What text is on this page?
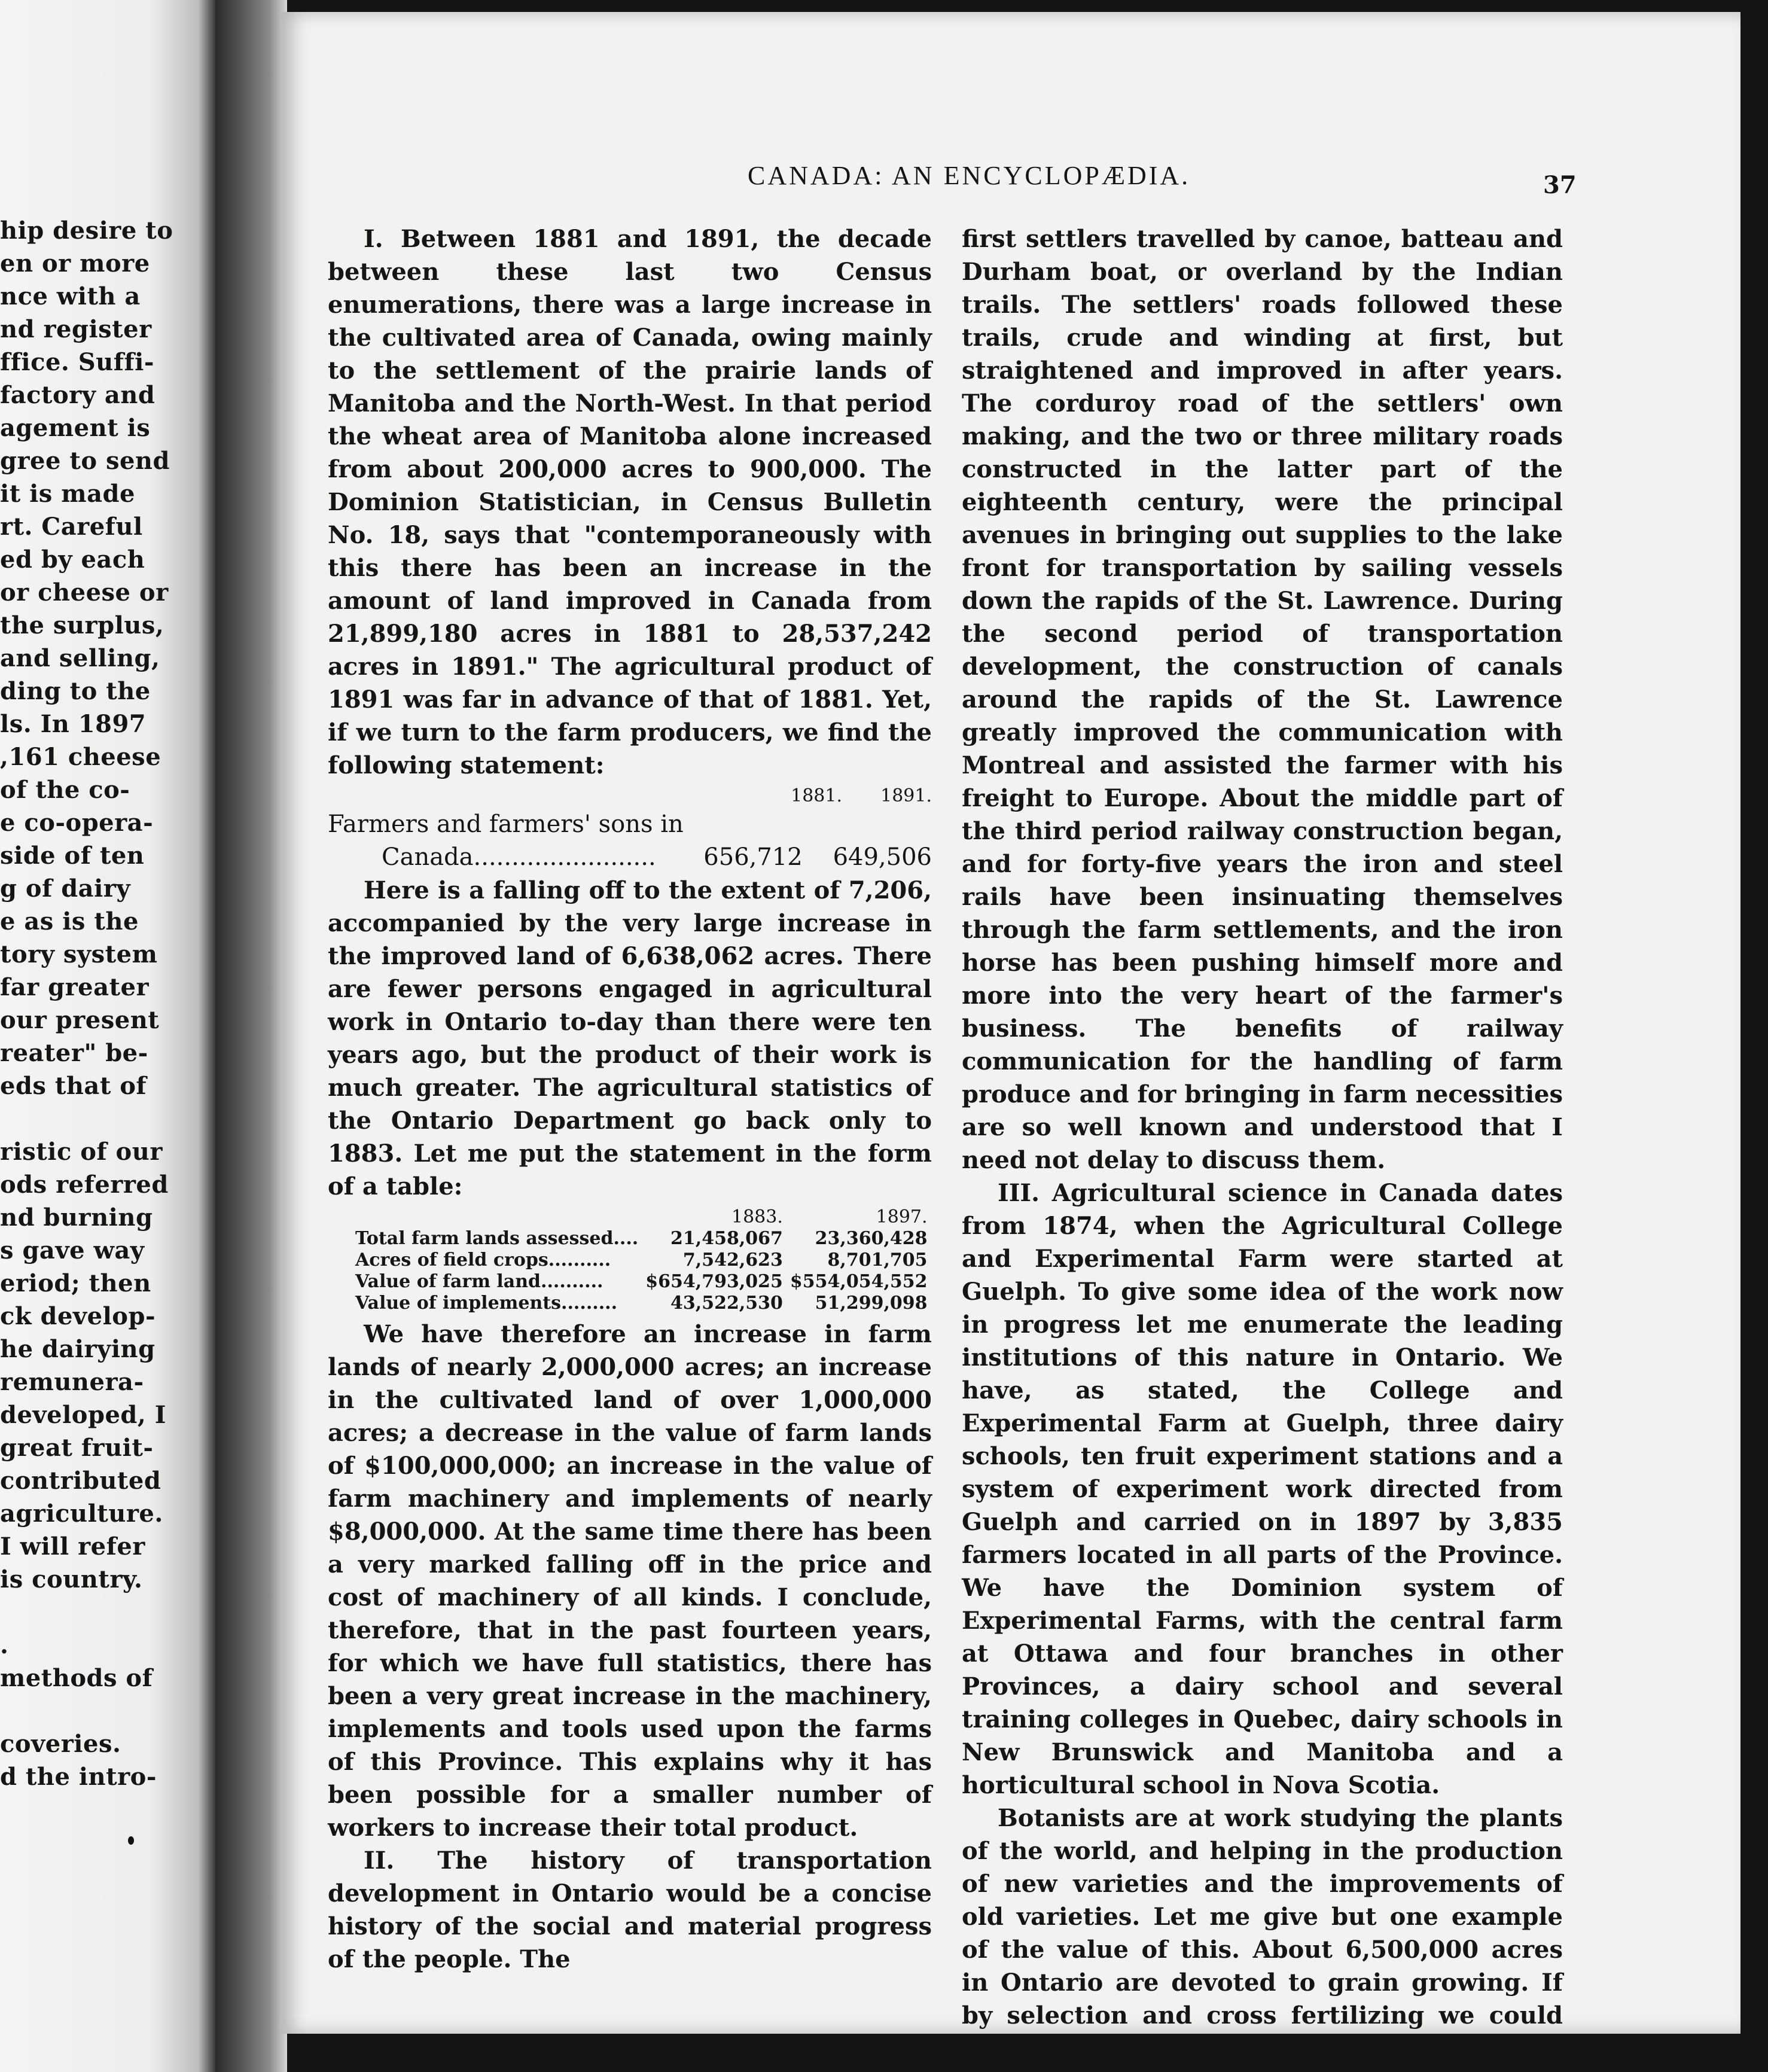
hip desire to
en or more
nce with a
nd register
ffice. Suffi-
factory and
agement is
gree to send
it is made
rt. Careful
ed by each
or cheese or
the surplus,
and selling,
ding to the
ls. In 1897
,161 cheese
of the co-
e co-opera-
side of ten
g of dairy
e as is the
tory system
far greater
our present
reater" be-
eds that of
ristic of our
ods referred
nd burning
s gave way
eriod; then
ck develop-
he dairying
remunera-
developed, I
great fruit-
contributed
agriculture.
I will refer
is country.
.
methods of
coveries.
d the intro-
CANADA: AN ENCYCLOPÆDIA.	37

I. Between 1881 and 1891, the decade between these last two Census enumerations, there was a large increase in the cultivated area of Canada, owing mainly to the settlement of the prairie lands of Manitoba and the North-West. In that period the wheat area of Manitoba alone increased from about 200,000 acres to 900,000. The Dominion Statistician, in Census Bulletin No. 18, says that "contemporaneously with this there has been an increase in the amount of land improved in Canada from 21,899,180 acres in 1881 to 28,537,242 acres in 1891." The agricultural product of 1891 was far in advance of that of 1881. Yet, if we turn to the farm producers, we find the following statement:

1881.	1891.
Farmers and farmers' sons in
Canada........................ 656,712 649,506

Here is a falling off to the extent of 7,206, accompanied by the very large increase in the improved land of 6,638,062 acres. There are fewer persons engaged in agricultural work in Ontario to-day than there were ten years ago, but the product of their work is much greater. The agricultural statistics of the Ontario Department go back only to 1883. Let me put the statement in the form of a table:

	1883.	1897.
Total farm lands assessed....	21,458,067	23,360,428
Acres of field crops..........	7,542,623	8,701,705
Value of farm land..........	$654,793,025	$554,054,552
Value of implements.........	43,522,530	51,299,098

We have therefore an increase in farm lands of nearly 2,000,000 acres; an increase in the cultivated land of over 1,000,000 acres; a decrease in the value of farm lands of $100,000,000; an increase in the value of farm machinery and implements of nearly $8,000,000. At the same time there has been a very marked falling off in the price and cost of machinery of all kinds. I conclude, therefore, that in the past fourteen years, for which we have full statistics, there has been a very great increase in the machinery, implements and tools used upon the farms of this Province. This explains why it has been possible for a smaller number of workers to increase their total product.

II. The history of transportation development in Ontario would be a concise history of the social and material progress of the people. The

first settlers travelled by canoe, batteau and Durham boat, or overland by the Indian trails. The settlers' roads followed these trails, crude and winding at first, but straightened and improved in after years. The corduroy road of the settlers' own making, and the two or three military roads constructed in the latter part of the eighteenth century, were the principal avenues in bringing out supplies to the lake front for transportation by sailing vessels down the rapids of the St. Lawrence. During the second period of transportation development, the construction of canals around the rapids of the St. Lawrence greatly improved the communication with Montreal and assisted the farmer with his freight to Europe. About the middle part of the third period railway construction began, and for forty-five years the iron and steel rails have been insinuating themselves through the farm settlements, and the iron horse has been pushing himself more and more into the very heart of the farmer's business. The benefits of railway communication for the handling of farm produce and for bringing in farm necessities are so well known and understood that I need not delay to discuss them.

III. Agricultural science in Canada dates from 1874, when the Agricultural College and Experimental Farm were started at Guelph. To give some idea of the work now in progress let me enumerate the leading institutions of this nature in Ontario. We have, as stated, the College and Experimental Farm at Guelph, three dairy schools, ten fruit experiment stations and a system of experiment work directed from Guelph and carried on in 1897 by 3,835 farmers located in all parts of the Province. We have the Dominion system of Experimental Farms, with the central farm at Ottawa and four branches in other Provinces, a dairy school and several training colleges in Quebec, dairy schools in New Brunswick and Manitoba and a horticultural school in Nova Scotia.

Botanists are at work studying the plants of the world, and helping in the production of new varieties and the improvements of old varieties. Let me give but one example of the value of this. About 6,500,000 acres in Ontario are devoted to grain growing. If by selection and cross fertilizing we could obtain seed grain
